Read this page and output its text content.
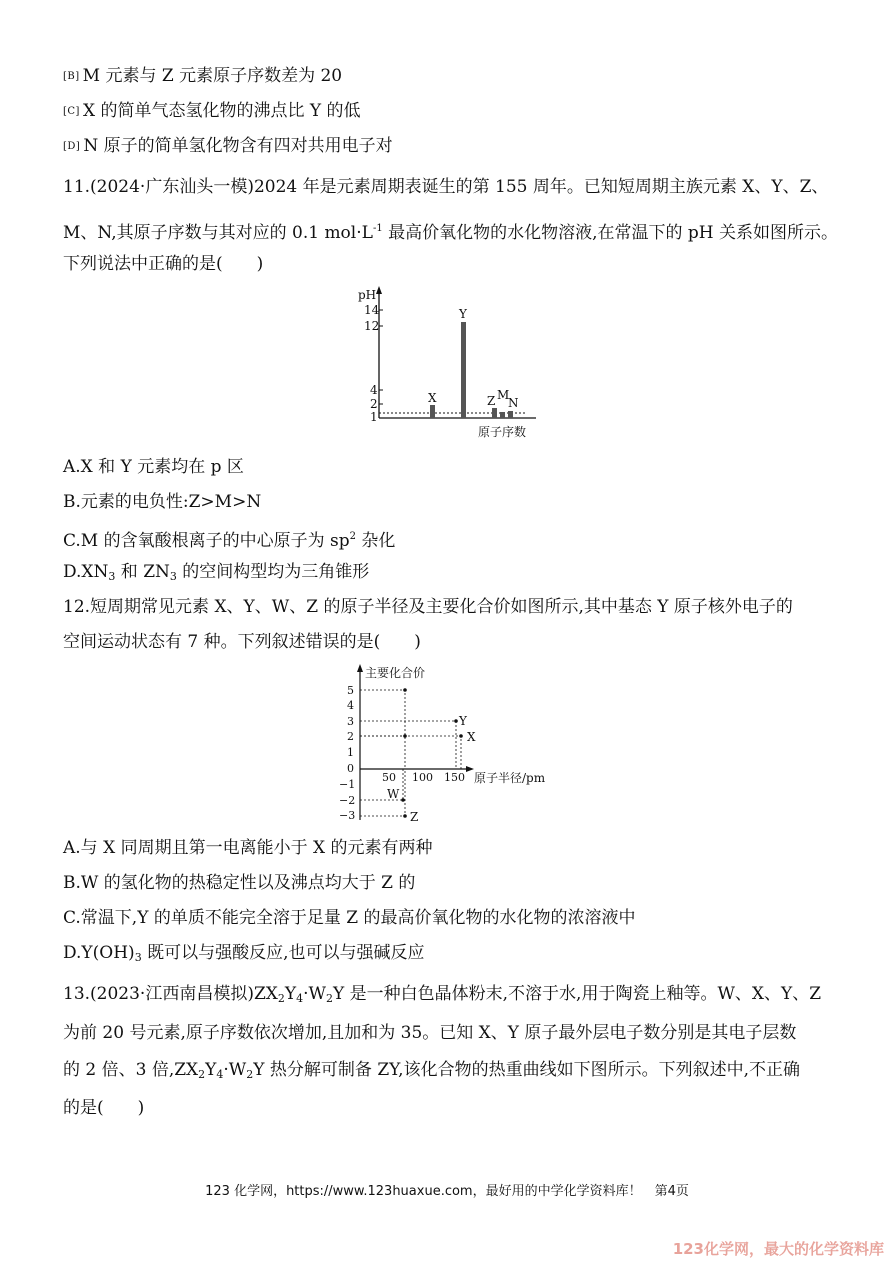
[B] M 元素与 Z 元素原子序数差为 20
[C] X 的简单气态氢化物的沸点比 Y 的低
[D] N 原子的简单氢化物含有四对共用电子对
11.(2024·广东汕头一模)2024 年是元素周期表诞生的第 155 周年。已知短周期主族元素 X、Y、Z、
M、N,其原子序数与其对应的 0.1 $mol\cdot L^{-1}$ 最高价氧化物的水化物溶液,在常温下的 pH 关系如图所示。
下列说法中正确的是(　　)
pH
14
12
4
2
1
X
Y
Z M
N
原子序数
A.X 和 Y 元素均在 p 区
B.元素的电负性:Z>M>N
C.M 的含氧酸根离子的中心原子为 $sp^2$ 杂化
$D.XN_3$ 和 $ZN_3$ 的空间构型均为三角锥形
12.短周期常见元素 X、Y、W、Z 的原子半径及主要化合价如图所示,其中基态 Y 原子核外电子的
空间运动状态有 7 种。下列叙述错误的是(　　)
主要化合价
5
4
3
2
1
0
−1
−2
−3
50 100 150 原子半径/pm
Y
X
W
Z
A.与 X 同周期且第一电离能小于 X 的元素有两种
B.W 的氢化物的热稳定性以及沸点均大于 Z 的
C.常温下,Y 的单质不能完全溶于足量 Z 的最高价氧化物的水化物的浓溶液中
$D.Y(OH)_3$ 既可以与强酸反应,也可以与强碱反应
13.(2023·江西南昌模拟)$ZX_2Y_4\cdot W_2Y$ 是一种白色晶体粉末,不溶于水,用于陶瓷上釉等。W、X、Y、Z
为前 20 号元素,原子序数依次增加,且加和为 35。已知 X、Y 原子最外层电子数分别是其电子层数
的 2 倍、3 倍$,ZX_2Y_4\cdot W_2Y$ 热分解可制备 ZY,该化合物的热重曲线如下图所示。下列叙述中,不正确
的是(　　)
123 化学网，https://www.123huaxue.com，最好用的中学化学资料库！　第4页
123化学网，最大的化学资料库
